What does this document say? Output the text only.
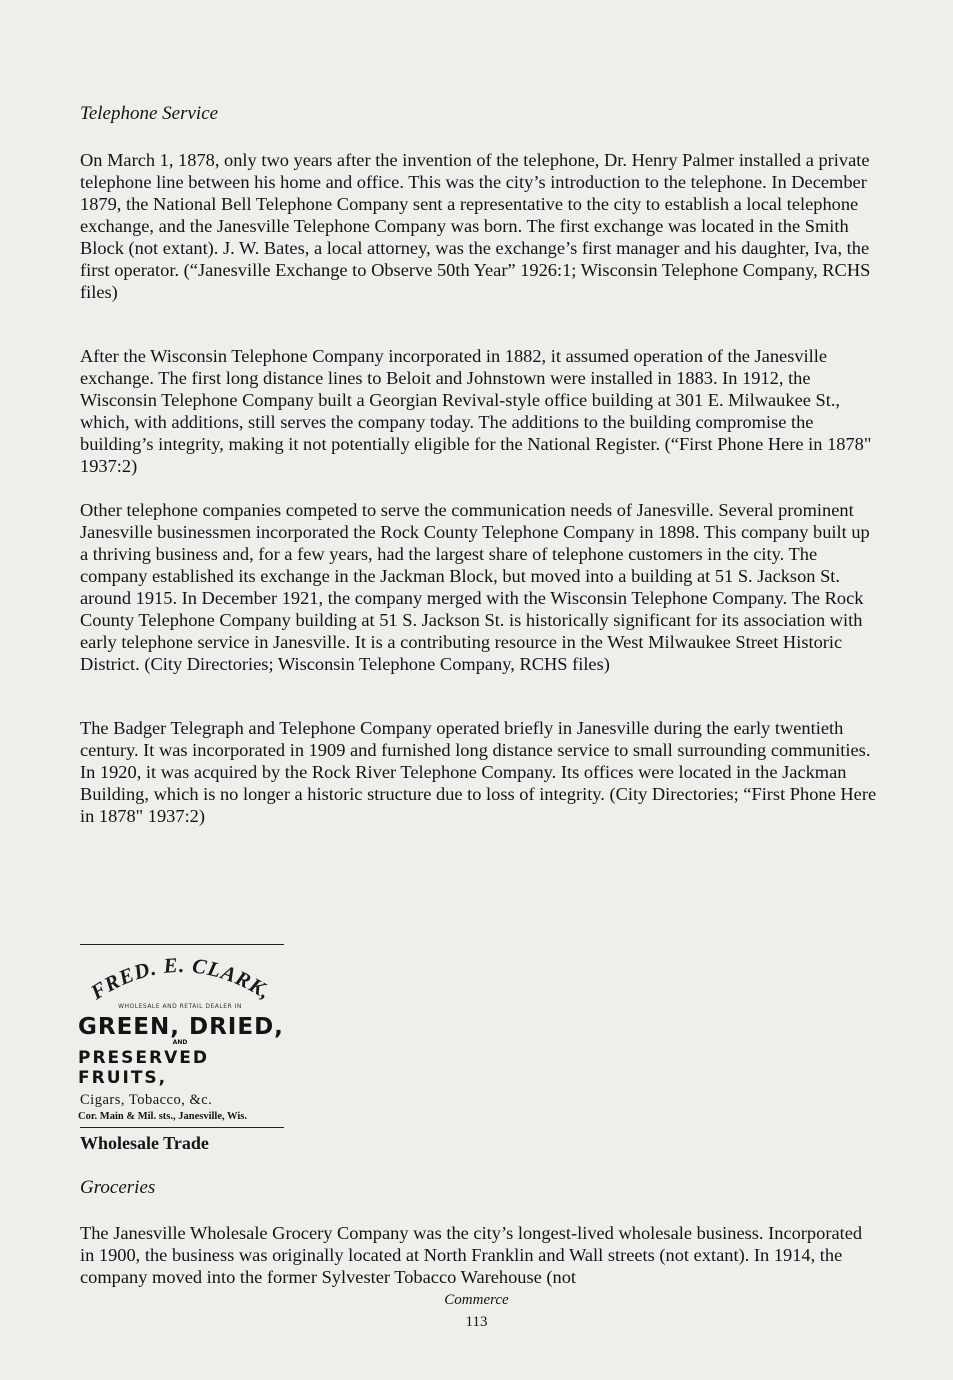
Telephone Service

On March 1, 1878, only two years after the invention of the telephone, Dr. Henry Palmer installed a private telephone line between his home and office. This was the city’s introduction to the telephone. In December 1879, the National Bell Telephone Company sent a representative to the city to establish a local telephone exchange, and the Janesville Telephone Company was born. The first exchange was located in the Smith Block (not extant). J. W. Bates, a local attorney, was the exchange’s first manager and his daughter, Iva, the first operator. (“Janesville Exchange to Observe 50th Year” 1926:1; Wisconsin Telephone Company, RCHS files)

After the Wisconsin Telephone Company incorporated in 1882, it assumed operation of the Janesville exchange. The first long distance lines to Beloit and Johnstown were installed in 1883. In 1912, the Wisconsin Telephone Company built a Georgian Revival-style office building at 301 E. Milwaukee St., which, with additions, still serves the company today. The additions to the building compromise the building’s integrity, making it not potentially eligible for the National Register. (“First Phone Here in 1878" 1937:2)

Other telephone companies competed to serve the communication needs of Janesville. Several prominent Janesville businessmen incorporated the Rock County Telephone Company in 1898. This company built up a thriving business and, for a few years, had the largest share of telephone customers in the city. The company established its exchange in the Jackman Block, but moved into a building at 51 S. Jackson St. around 1915. In December 1921, the company merged with the Wisconsin Telephone Company. The Rock County Telephone Company building at 51 S. Jackson St. is historically significant for its association with early telephone service in Janesville. It is a contributing resource in the West Milwaukee Street Historic District. (City Directories; Wisconsin Telephone Company, RCHS files)

The Badger Telegraph and Telephone Company operated briefly in Janesville during the early twentieth century. It was incorporated in 1909 and furnished long distance service to small surrounding communities. In 1920, it was acquired by the Rock River Telephone Company. Its offices were located in the Jackman Building, which is no longer a historic structure due to loss of integrity. (City Directories; “First Phone Here in 1878" 1937:2)

FRED. E. CLARK,
WHOLESALE AND RETAIL DEALER IN
GREEN, DRIED,
AND
PRESERVED FRUITS,
Cigars, Tobacco, &c.
Cor. Main & Mil. sts., Janesville, Wis.

Wholesale Trade

Groceries

The Janesville Wholesale Grocery Company was the city’s longest-lived wholesale business. Incorporated in 1900, the business was originally located at North Franklin and Wall streets (not extant). In 1914, the company moved into the former Sylvester Tobacco Warehouse (not

Commerce
113
